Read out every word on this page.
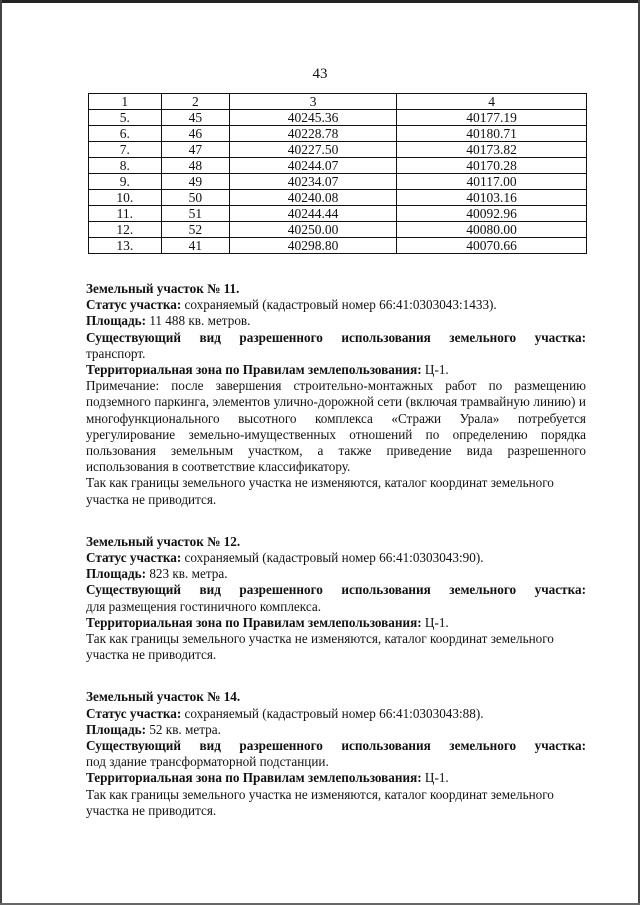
43
1	2	3	4
5.	45	40245.36	40177.19
6.	46	40228.78	40180.71
7.	47	40227.50	40173.82
8.	48	40244.07	40170.28
9.	49	40234.07	40117.00
10.	50	40240.08	40103.16
11.	51	40244.44	40092.96
12.	52	40250.00	40080.00
13.	41	40298.80	40070.66

Земельный участок № 11.

Статус участка: сохраняемый (кадастровый номер 66:41:0303043:1433).

Площадь: 11 488 кв. метров.

Существующий вид разрешенного использования земельного участка:

транспорт.

Территориальная зона по Правилам землепользования: Ц-1.

Примечание: после завершения строительно-монтажных работ по размещению подземного паркинга, элементов улично-дорожной сети (включая трамвайную линию) и многофункционального высотного комплекса «Стражи Урала» потребуется урегулирование земельно-имущественных отношений по определению порядка пользования земельным участком, а также приведение вида разрешенного использования в соответствие классификатору.

Так как границы земельного участка не изменяются, каталог координат земельного участка не приводится.

Земельный участок № 12.

Статус участка: сохраняемый (кадастровый номер 66:41:0303043:90).

Площадь: 823 кв. метра.

Существующий вид разрешенного использования земельного участка:

для размещения гостиничного комплекса.

Территориальная зона по Правилам землепользования: Ц-1.

Так как границы земельного участка не изменяются, каталог координат земельного участка не приводится.

Земельный участок № 14.

Статус участка: сохраняемый (кадастровый номер 66:41:0303043:88).

Площадь: 52 кв. метра.

Существующий вид разрешенного использования земельного участка:

под здание трансформаторной подстанции.

Территориальная зона по Правилам землепользования: Ц-1.

Так как границы земельного участка не изменяются, каталог координат земельного участка не приводится.
